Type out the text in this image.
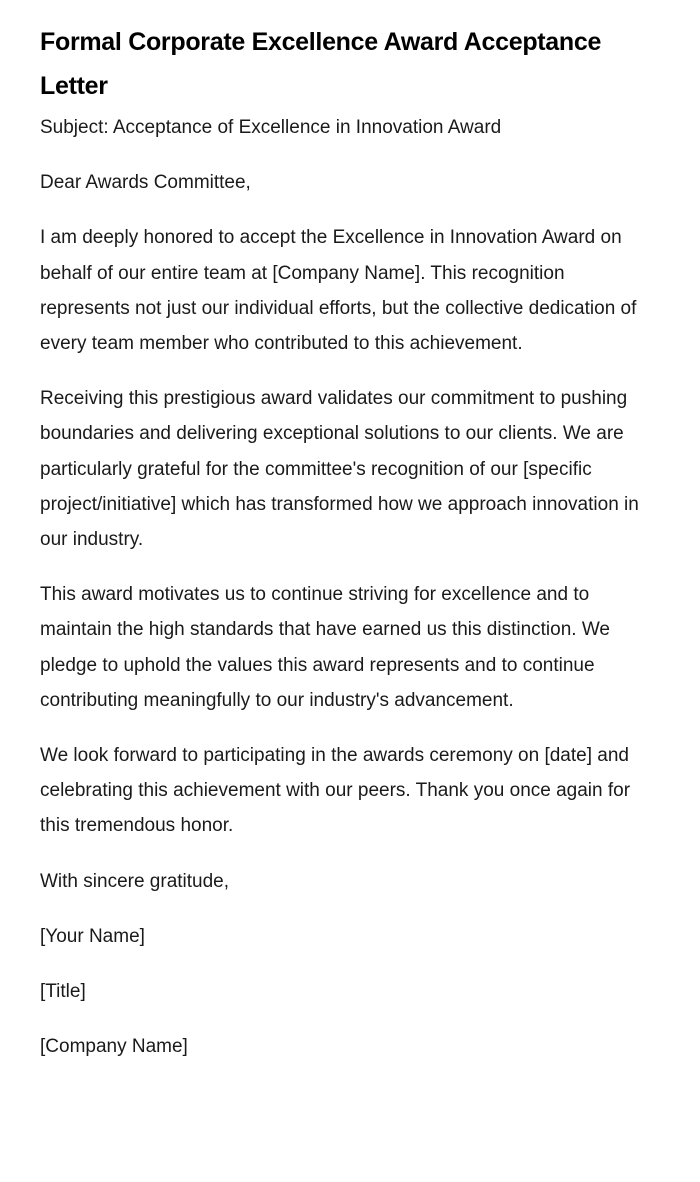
Formal Corporate Excellence Award Acceptance Letter

Subject: Acceptance of Excellence in Innovation Award

Dear Awards Committee,

I am deeply honored to accept the Excellence in Innovation Award on behalf of our entire team at [Company Name]. This recognition represents not just our individual efforts, but the collective dedication of every team member who contributed to this achievement.

Receiving this prestigious award validates our commitment to pushing boundaries and delivering exceptional solutions to our clients. We are particularly grateful for the committee's recognition of our [specific project/initiative] which has transformed how we approach innovation in our industry.

This award motivates us to continue striving for excellence and to maintain the high standards that have earned us this distinction. We pledge to uphold the values this award represents and to continue contributing meaningfully to our industry's advancement.

We look forward to participating in the awards ceremony on [date] and celebrating this achievement with our peers. Thank you once again for this tremendous honor.

With sincere gratitude,

[Your Name]

[Title]

[Company Name]
